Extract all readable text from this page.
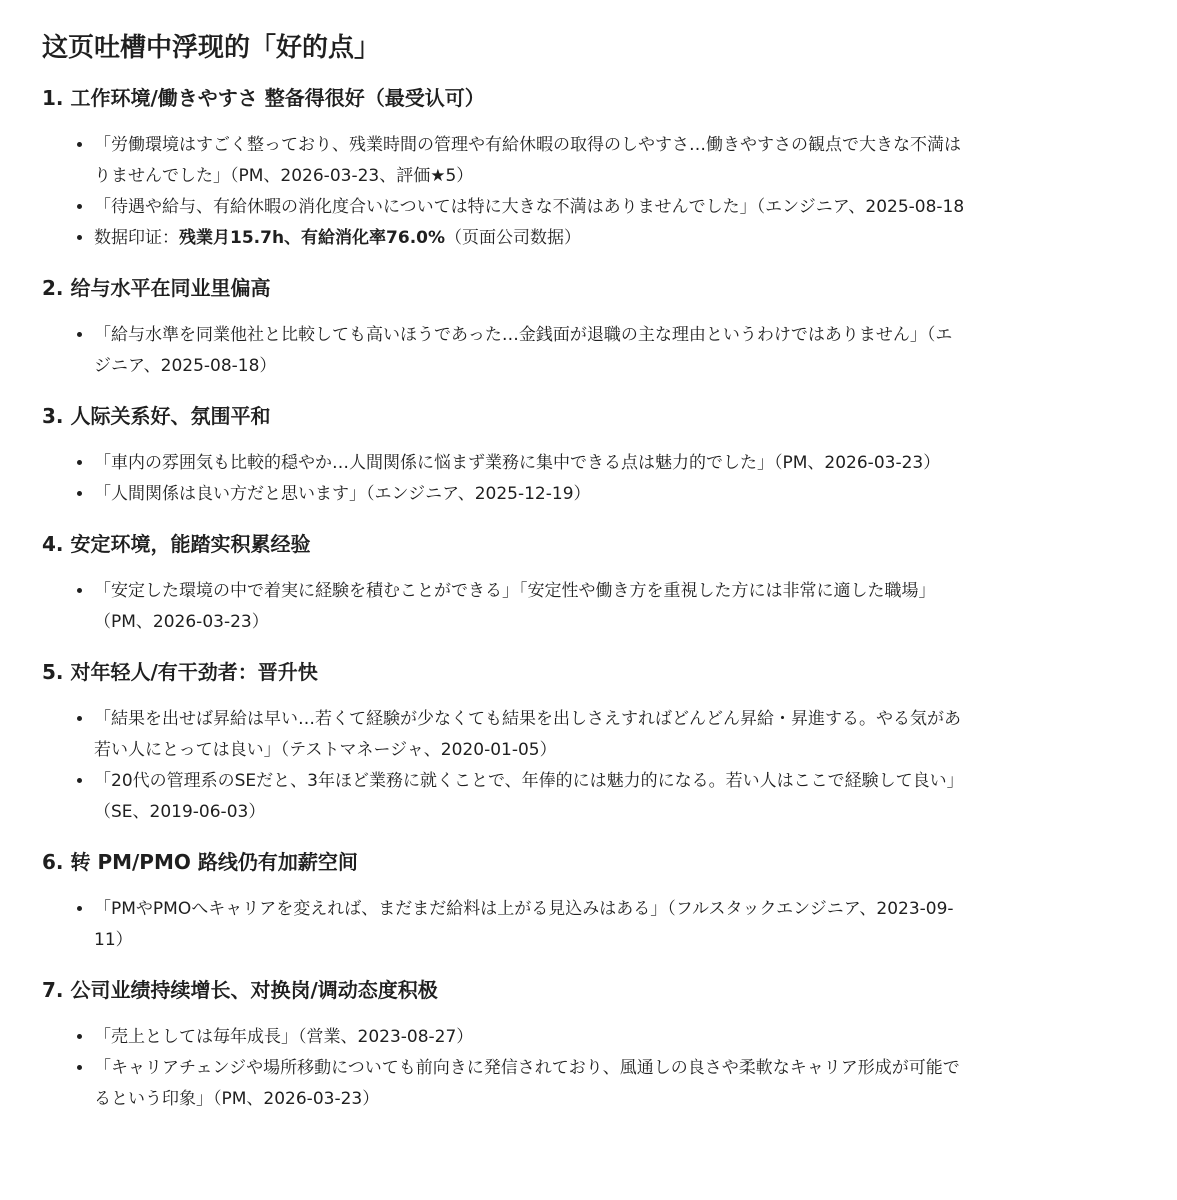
这页吐槽中浮现的「好的点」
1. 工作环境/働きやすさ 整备得很好（最受认可）
• 「労働環境はすごく整っており、残業時間の管理や有給休暇の取得のしやすさ…働きやすさの観点で大きな不満は
りませんでした」（PM、2026-03-23、評価★5）
• 「待遇や給与、有給休暇の消化度合いについては特に大きな不満はありませんでした」（エンジニア、2025-08-18
• 数据印证：残業月15.7h、有給消化率76.0%（页面公司数据）
2. 给与水平在同业里偏高
• 「給与水準を同業他社と比較しても高いほうであった…金銭面が退職の主な理由というわけではありません」（エ
ジニア、2025-08-18）
3. 人际关系好、氛围平和
• 「車内の雰囲気も比較的穏やか…人間関係に悩まず業務に集中できる点は魅力的でした」（PM、2026-03-23）
• 「人間関係は良い方だと思います」（エンジニア、2025-12-19）
4. 安定环境，能踏实积累经验
• 「安定した環境の中で着実に経験を積むことができる」「安定性や働き方を重視した方には非常に適した職場」
（PM、2026-03-23）
5. 对年轻人/有干劲者：晋升快
• 「結果を出せば昇給は早い…若くて経験が少なくても結果を出しさえすればどんどん昇給・昇進する。やる気があ
若い人にとっては良い」（テストマネージャ、2020-01-05）
• 「20代の管理系のSEだと、3年ほど業務に就くことで、年俸的には魅力的になる。若い人はここで経験して良い」
（SE、2019-06-03）
6. 转 PM/PMO 路线仍有加薪空间
• 「PMやPMOへキャリアを変えれば、まだまだ給料は上がる見込みはある」（フルスタックエンジニア、2023-09-
11）
7. 公司业绩持续增长、对换岗/调动态度积极
• 「売上としては毎年成長」（営業、2023-08-27）
• 「キャリアチェンジや場所移動についても前向きに発信されており、風通しの良さや柔軟なキャリア形成が可能で
るという印象」（PM、2026-03-23）
